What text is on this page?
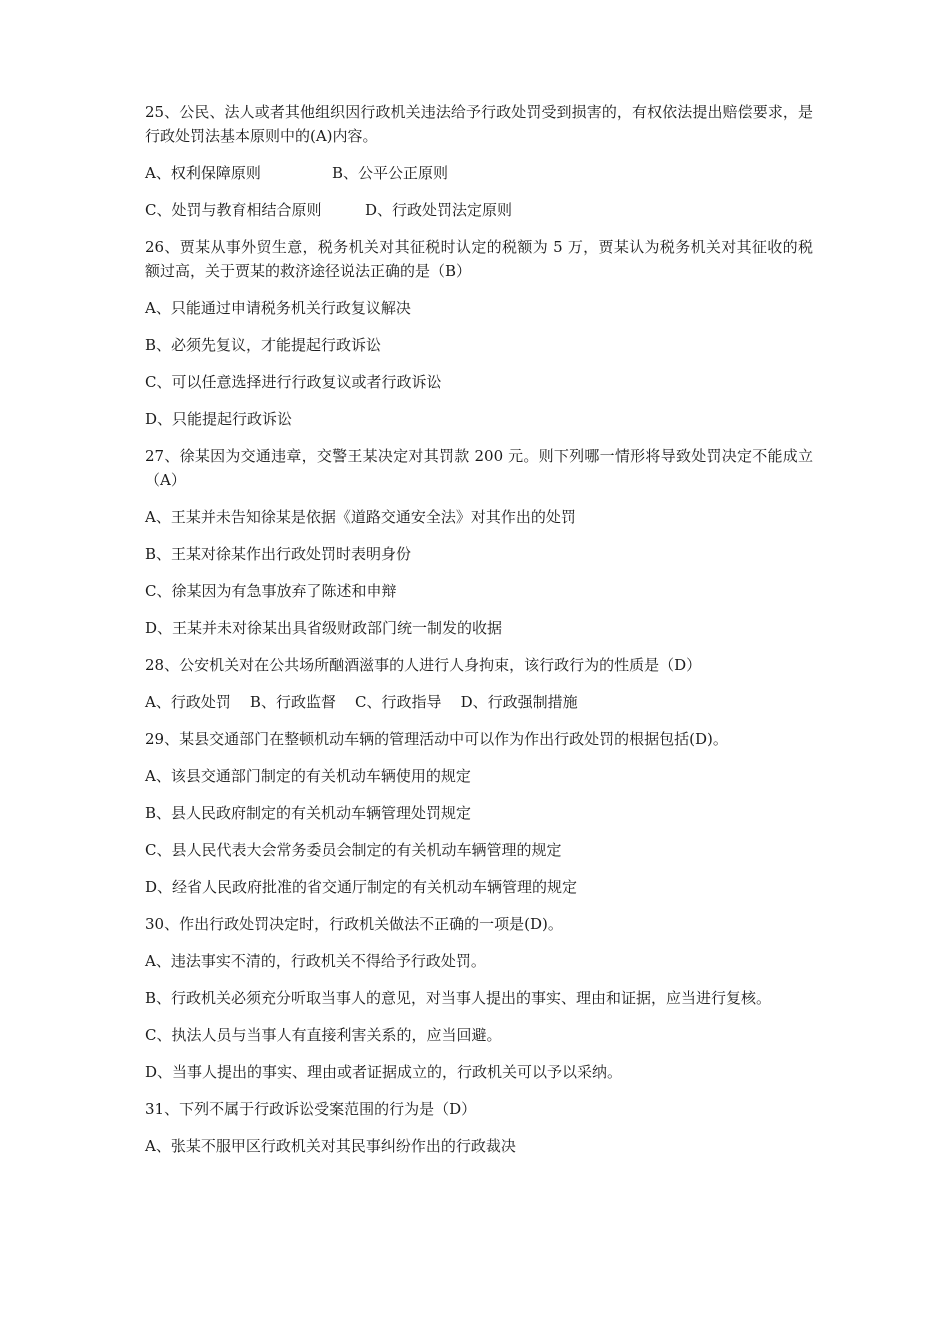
25、公民、法人或者其他组织因行政机关违法给予行政处罚受到损害的，有权依法提出赔偿要求，是行政处罚法基本原则中的(A)内容。

A、权利保障原则	B、公平公正原则
C、处罚与教育相结合原则	D、行政处罚法定原则

26、贾某从事外贸生意，税务机关对其征税时认定的税额为 5 万，贾某认为税务机关对其征收的税额过高，关于贾某的救济途径说法正确的是（B）

A、只能通过申请税务机关行政复议解决

B、必须先复议，才能提起行政诉讼

C、可以任意选择进行行政复议或者行政诉讼

D、只能提起行政诉讼

27、徐某因为交通违章，交警王某决定对其罚款 200 元。则下列哪一情形将导致处罚决定不能成立（A）

A、王某并未告知徐某是依据《道路交通安全法》对其作出的处罚

B、王某对徐某作出行政处罚时表明身份

C、徐某因为有急事放弃了陈述和申辩

D、王某并未对徐某出具省级财政部门统一制发的收据

28、公安机关对在公共场所酗酒滋事的人进行人身拘束，该行政行为的性质是（D）

A、行政处罚 B、行政监督 C、行政指导 D、行政强制措施

29、某县交通部门在整顿机动车辆的管理活动中可以作为作出行政处罚的根据包括(D)。

A、该县交通部门制定的有关机动车辆使用的规定

B、县人民政府制定的有关机动车辆管理处罚规定

C、县人民代表大会常务委员会制定的有关机动车辆管理的规定

D、经省人民政府批准的省交通厅制定的有关机动车辆管理的规定

30、作出行政处罚决定时，行政机关做法不正确的一项是(D)。

A、违法事实不清的，行政机关不得给予行政处罚。

B、行政机关必须充分听取当事人的意见，对当事人提出的事实、理由和证据，应当进行复核。

C、执法人员与当事人有直接利害关系的，应当回避。

D、当事人提出的事实、理由或者证据成立的，行政机关可以予以采纳。

31、下列不属于行政诉讼受案范围的行为是（D）

A、张某不服甲区行政机关对其民事纠纷作出的行政裁决
